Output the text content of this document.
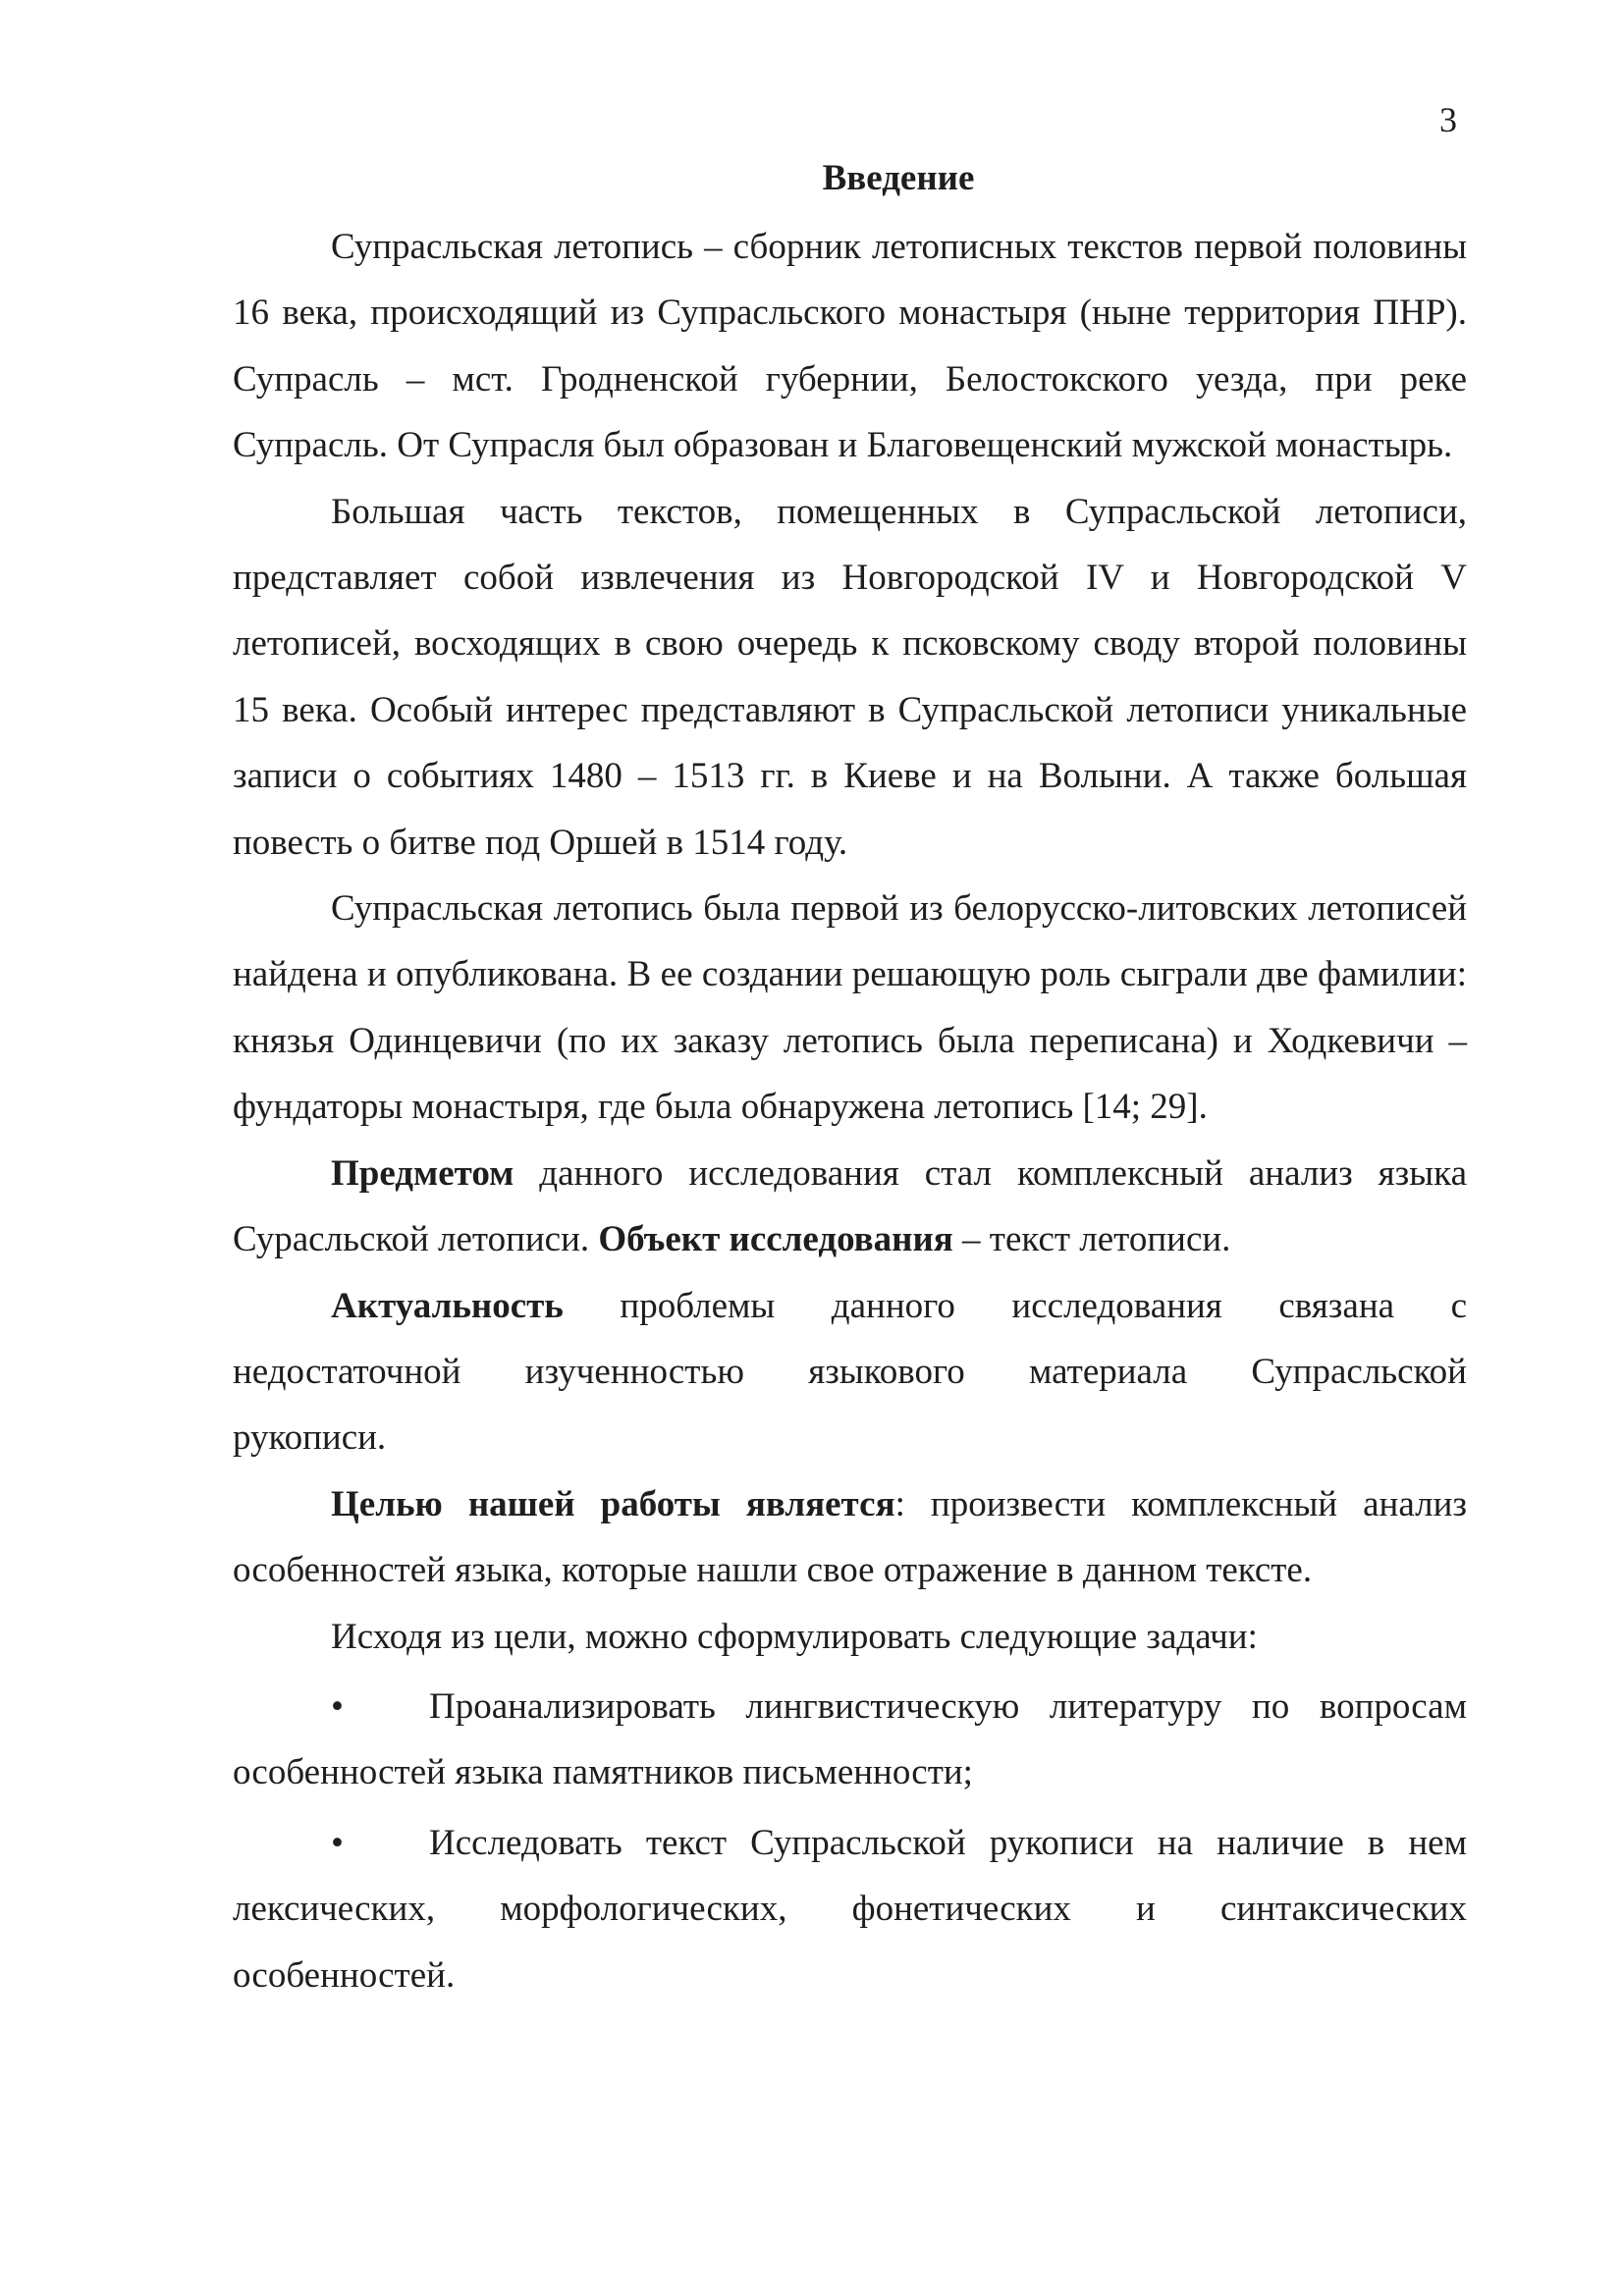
3
Введение

Супрасльская летопись – сборник летописных текстов первой половины 16 века, происходящий из Супрасльского монастыря (ныне территория ПНР). Супрасль – мст. Гродненской губернии, Белостокского уезда, при реке Супрасль. От Супрасля был образован и Благовещенский мужской монастырь.

Большая часть текстов, помещенных в Супрасльской летописи, представляет собой извлечения из Новгородской IV и Новгородской V летописей, восходящих в свою очередь к псковскому своду второй половины 15 века. Особый интерес представляют в Супрасльской летописи уникальные записи о событиях 1480 – 1513 гг. в Киеве и на Волыни. А также большая повесть о битве под Оршей в 1514 году.

Супрасльская летопись была первой из белорусско-литовских летописей найдена и опубликована. В ее создании решающую роль сыграли две фамилии: князья Одинцевичи (по их заказу летопись была переписана) и Ходкевичи – фундаторы монастыря, где была обнаружена летопись [14; 29].

Предметом данного исследования стал комплексный анализ языка Сурасльской летописи. Объект исследования – текст летописи.

Актуальность проблемы данного исследования связана с недостаточной изученностью языкового материала Супрасльской
рукописи.

Целью нашей работы является: произвести комплексный анализ особенностей языка, которые нашли свое отражение в данном тексте.

Исходя из цели, можно сформулировать следующие задачи:

• Проанализировать лингвистическую литературу по вопросам особенностей языка памятников письменности;

• Исследовать текст Супрасльской рукописи на наличие в нем лексических, морфологических, фонетических и синтаксических особенностей.
